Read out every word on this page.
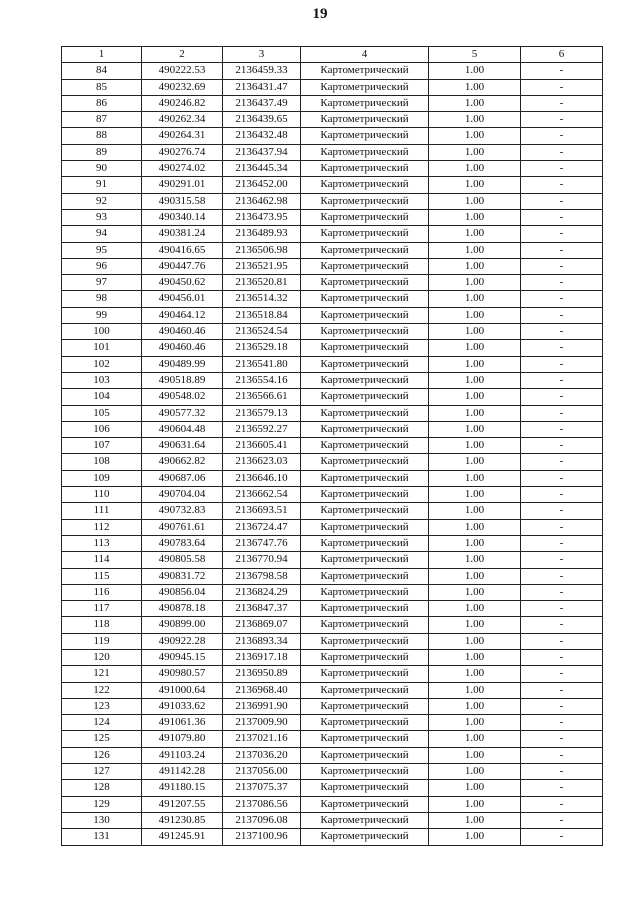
19
1	2	3	4	5	6
84	490222.53	2136459.33	Картометрический	1.00	-
85	490232.69	2136431.47	Картометрический	1.00	-
86	490246.82	2136437.49	Картометрический	1.00	-
87	490262.34	2136439.65	Картометрический	1.00	-
88	490264.31	2136432.48	Картометрический	1.00	-
89	490276.74	2136437.94	Картометрический	1.00	-
90	490274.02	2136445.34	Картометрический	1.00	-
91	490291.01	2136452.00	Картометрический	1.00	-
92	490315.58	2136462.98	Картометрический	1.00	-
93	490340.14	2136473.95	Картометрический	1.00	-
94	490381.24	2136489.93	Картометрический	1.00	-
95	490416.65	2136506.98	Картометрический	1.00	-
96	490447.76	2136521.95	Картометрический	1.00	-
97	490450.62	2136520.81	Картометрический	1.00	-
98	490456.01	2136514.32	Картометрический	1.00	-
99	490464.12	2136518.84	Картометрический	1.00	-
100	490460.46	2136524.54	Картометрический	1.00	-
101	490460.46	2136529.18	Картометрический	1.00	-
102	490489.99	2136541.80	Картометрический	1.00	-
103	490518.89	2136554.16	Картометрический	1.00	-
104	490548.02	2136566.61	Картометрический	1.00	-
105	490577.32	2136579.13	Картометрический	1.00	-
106	490604.48	2136592.27	Картометрический	1.00	-
107	490631.64	2136605.41	Картометрический	1.00	-
108	490662.82	2136623.03	Картометрический	1.00	-
109	490687.06	2136646.10	Картометрический	1.00	-
110	490704.04	2136662.54	Картометрический	1.00	-
111	490732.83	2136693.51	Картометрический	1.00	-
112	490761.61	2136724.47	Картометрический	1.00	-
113	490783.64	2136747.76	Картометрический	1.00	-
114	490805.58	2136770.94	Картометрический	1.00	-
115	490831.72	2136798.58	Картометрический	1.00	-
116	490856.04	2136824.29	Картометрический	1.00	-
117	490878.18	2136847.37	Картометрический	1.00	-
118	490899.00	2136869.07	Картометрический	1.00	-
119	490922.28	2136893.34	Картометрический	1.00	-
120	490945.15	2136917.18	Картометрический	1.00	-
121	490980.57	2136950.89	Картометрический	1.00	-
122	491000.64	2136968.40	Картометрический	1.00	-
123	491033.62	2136991.90	Картометрический	1.00	-
124	491061.36	2137009.90	Картометрический	1.00	-
125	491079.80	2137021.16	Картометрический	1.00	-
126	491103.24	2137036.20	Картометрический	1.00	-
127	491142.28	2137056.00	Картометрический	1.00	-
128	491180.15	2137075.37	Картометрический	1.00	-
129	491207.55	2137086.56	Картометрический	1.00	-
130	491230.85	2137096.08	Картометрический	1.00	-
131	491245.91	2137100.96	Картометрический	1.00	-
